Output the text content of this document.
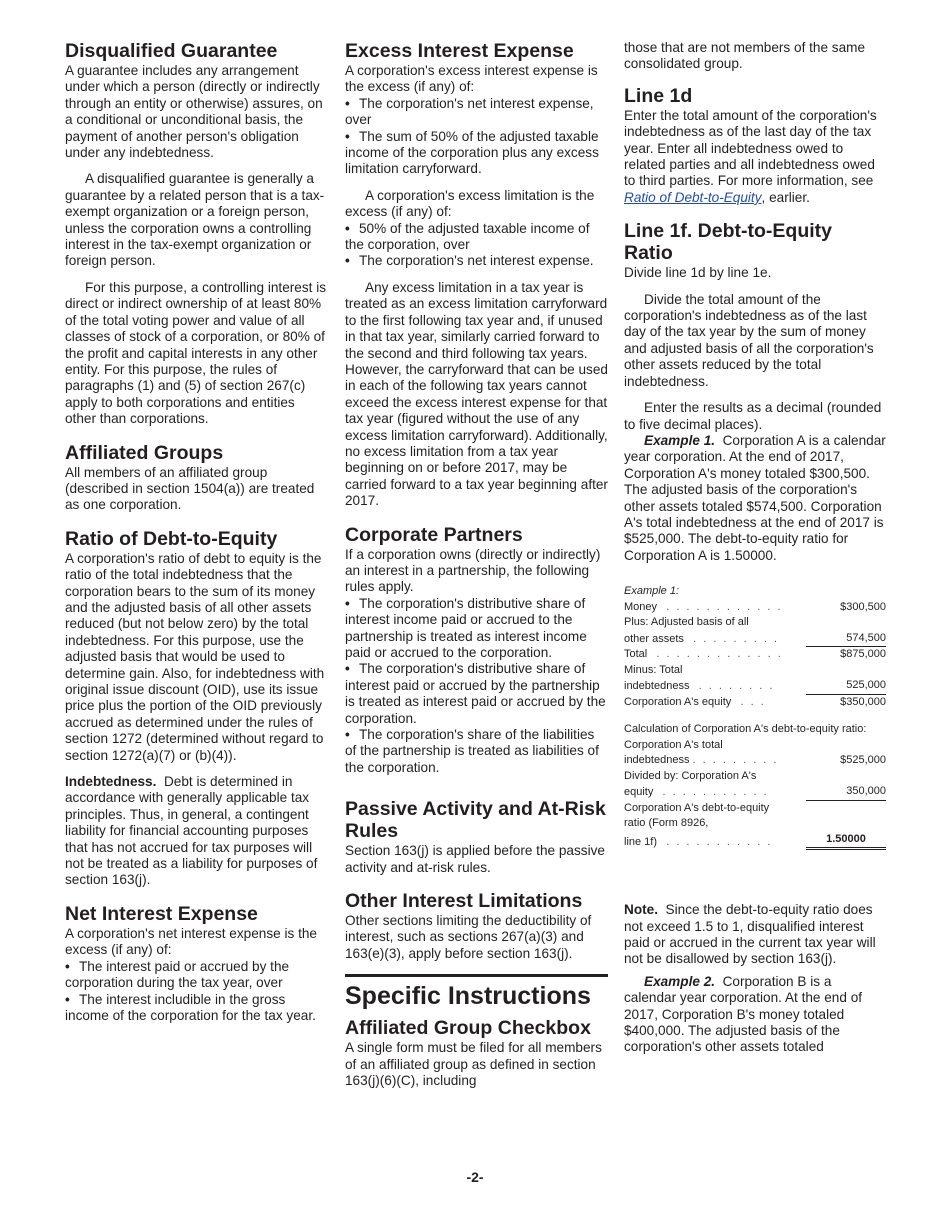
Disqualified Guarantee

A guarantee includes any arrangement under which a person (directly or indirectly through an entity or otherwise) assures, on a conditional or unconditional basis, the payment of another person's obligation under any indebtedness.

A disqualified guarantee is generally a guarantee by a related person that is a tax-exempt organization or a foreign person, unless the corporation owns a controlling interest in the tax-exempt organization or foreign person.

For this purpose, a controlling interest is direct or indirect ownership of at least 80% of the total voting power and value of all classes of stock of a corporation, or 80% of the profit and capital interests in any other entity. For this purpose, the rules of paragraphs (1) and (5) of section 267(c) apply to both corporations and entities other than corporations.

Affiliated Groups

All members of an affiliated group (described in section 1504(a)) are treated as one corporation.

Ratio of Debt-to-Equity

A corporation's ratio of debt to equity is the ratio of the total indebtedness that the corporation bears to the sum of its money and the adjusted basis of all other assets reduced (but not below zero) by the total indebtedness. For this purpose, use the adjusted basis that would be used to determine gain. Also, for indebtedness with original issue discount (OID), use its issue price plus the portion of the OID previously accrued as determined under the rules of section 1272 (determined without regard to section 1272(a)(7) or (b)(4)).

Indebtedness. Debt is determined in accordance with generally applicable tax principles. Thus, in general, a contingent liability for financial accounting purposes that has not accrued for tax purposes will not be treated as a liability for purposes of section 163(j).

Net Interest Expense

A corporation's net interest expense is the excess (if any) of:

• The interest paid or accrued by the corporation during the tax year, over

• The interest includible in the gross income of the corporation for the tax year.

Excess Interest Expense

A corporation's excess interest expense is the excess (if any) of:

• The corporation's net interest expense, over

• The sum of 50% of the adjusted taxable income of the corporation plus any excess limitation carryforward.

A corporation's excess limitation is the excess (if any) of:

• 50% of the adjusted taxable income of the corporation, over

• The corporation's net interest expense.

Any excess limitation in a tax year is treated as an excess limitation carryforward to the first following tax year and, if unused in that tax year, similarly carried forward to the second and third following tax years. However, the carryforward that can be used in each of the following tax years cannot exceed the excess interest expense for that tax year (figured without the use of any excess limitation carryforward). Additionally, no excess limitation from a tax year beginning on or before 2017, may be carried forward to a tax year beginning after 2017.

Corporate Partners

If a corporation owns (directly or indirectly) an interest in a partnership, the following rules apply.

• The corporation's distributive share of interest income paid or accrued to the partnership is treated as interest income paid or accrued to the corporation.

• The corporation's distributive share of interest paid or accrued by the partnership is treated as interest paid or accrued by the corporation.

• The corporation's share of the liabilities of the partnership is treated as liabilities of the corporation.

Passive Activity and At-Risk Rules

Section 163(j) is applied before the passive activity and at-risk rules.

Other Interest Limitations

Other sections limiting the deductibility of interest, such as sections 267(a)(3) and 163(e)(3), apply before section 163(j).

Specific Instructions
Affiliated Group Checkbox

A single form must be filed for all members of an affiliated group as defined in section 163(j)(6)(C), including

those that are not members of the same consolidated group.

Line 1d

Enter the total amount of the corporation's indebtedness as of the last day of the tax year. Enter all indebtedness owed to related parties and all indebtedness owed to third parties. For more information, see Ratio of Debt-to-Equity, earlier.

Line 1f. Debt-to-Equity Ratio

Divide line 1d by line 1e.

Divide the total amount of the corporation's indebtedness as of the last day of the tax year by the sum of money and adjusted basis of all the corporation's other assets reduced by the total indebtedness.

Enter the results as a decimal (rounded to five decimal places).

Example 1. Corporation A is a calendar year corporation. At the end of 2017, Corporation A's money totaled $300,500. The adjusted basis of the corporation's other assets totaled $574,500. Corporation A's total indebtedness at the end of 2017 is $525,000. The debt-to-equity ratio for Corporation A is 1.50000.

Example 1:
Money . . . . . . . . . . . .	$300,500
Plus: Adjusted basis of all
other assets . . . . . . . . .	574,500
Total . . . . . . . . . . . . .	$875,000
Minus: Total
indebtedness . . . . . . . .	525,000
Corporation A's equity . . .	$350,000
Calculation of Corporation A's debt-to-equity ratio:
Corporation A's total
indebtedness . . . . . . . . .	$525,000
Divided by: Corporation A's
equity . . . . . . . . . . .	350,000
Corporation A's debt-to-equity
ratio (Form 8926,
line 1f) . . . . . . . . . . .	1.50000

Note. Since the debt-to-equity ratio does not exceed 1.5 to 1, disqualified interest paid or accrued in the current tax year will not be disallowed by section 163(j).

Example 2. Corporation B is a calendar year corporation. At the end of 2017, Corporation B's money totaled $400,000. The adjusted basis of the corporation's other assets totaled

-2-
